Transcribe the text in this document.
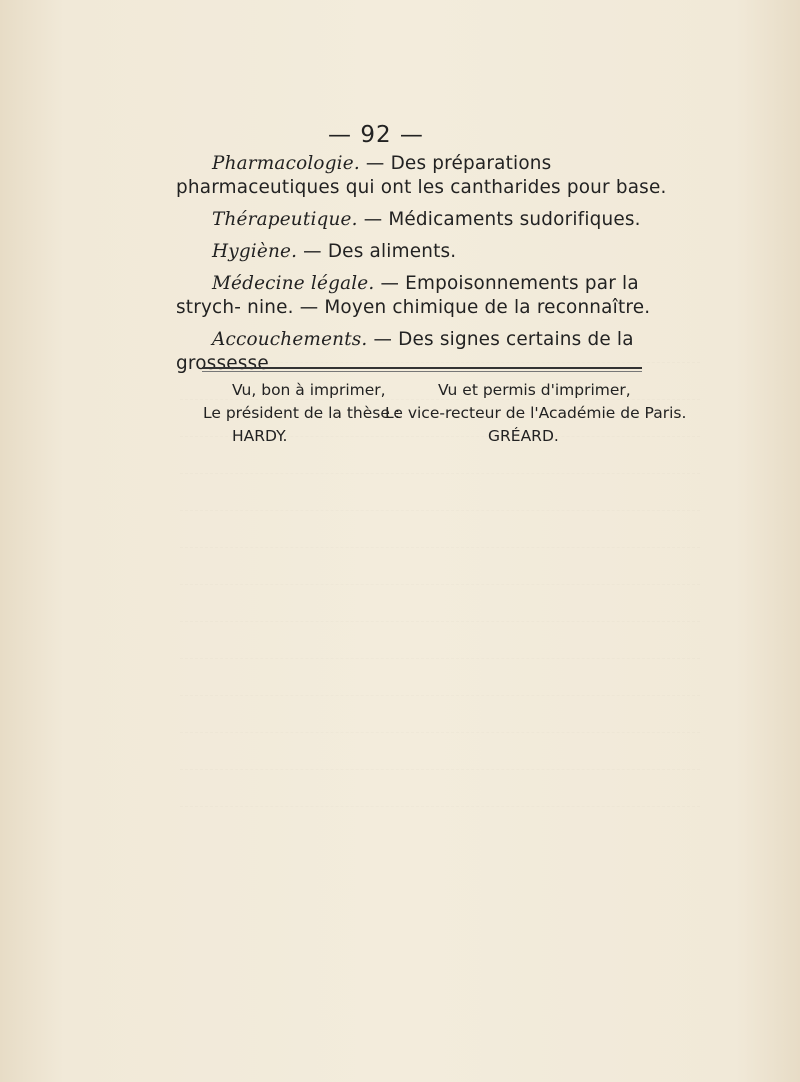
— 92 —

Pharmacologie. — Des préparations pharmaceutiques qui ont les cantharides pour base.

Thérapeutique. — Médicaments sudorifiques.

Hygiène. — Des aliments.

Médecine légale. — Empoisonnements par la strych- nine. — Moyen chimique de la reconnaître.

Accouchements. — Des signes certains de la grossesse

Vu, bon à imprimer,
Le président de la thèse :
HARDY.
Vu et permis d'imprimer,
Le vice-recteur de l'Académie de Paris.
GRÉARD.
